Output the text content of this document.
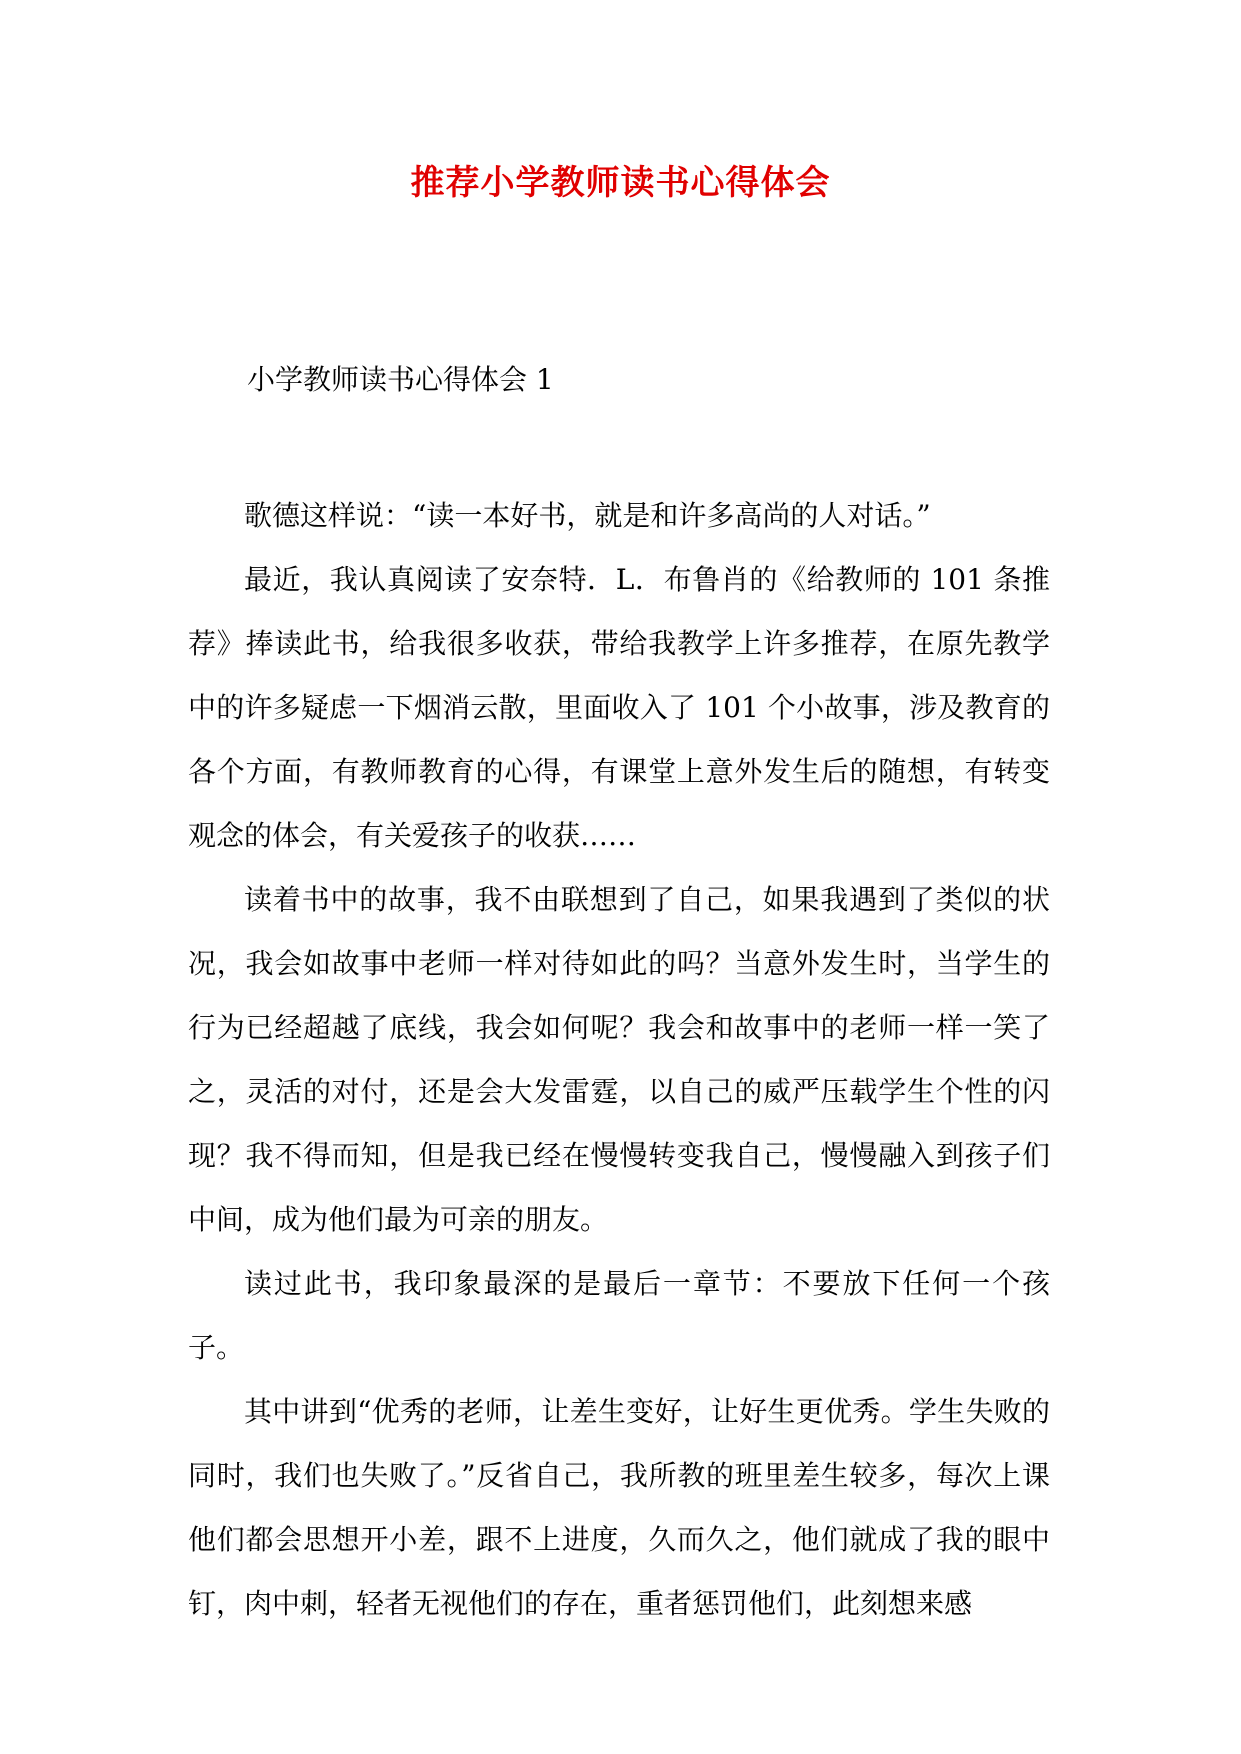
推荐小学教师读书心得体会

小学教师读书心得体会 1

歌德这样说：“读一本好书，就是和许多高尚的人对话。”

最近，我认真阅读了安奈特．L．布鲁肖的《给教师的 101 条推荐》捧读此书，给我很多收获，带给我教学上许多推荐，在原先教学中的许多疑虑一下烟消云散，里面收入了 101 个小故事，涉及教育的各个方面，有教师教育的心得，有课堂上意外发生后的随想，有转变观念的体会，有关爱孩子的收获……

读着书中的故事，我不由联想到了自己，如果我遇到了类似的状况，我会如故事中老师一样对待如此的吗？当意外发生时，当学生的行为已经超越了底线，我会如何呢？我会和故事中的老师一样一笑了之，灵活的对付，还是会大发雷霆，以自己的威严压载学生个性的闪现？我不得而知，但是我已经在慢慢转变我自己，慢慢融入到孩子们中间，成为他们最为可亲的朋友。

读过此书，我印象最深的是最后一章节：不要放下任何一个孩子。

其中讲到“优秀的老师，让差生变好，让好生更优秀。学生失败的同时，我们也失败了。”反省自己，我所教的班里差生较多，每次上课他们都会思想开小差，跟不上进度，久而久之，他们就成了我的眼中钉，肉中刺，轻者无视他们的存在，重者惩罚他们，此刻想来感
